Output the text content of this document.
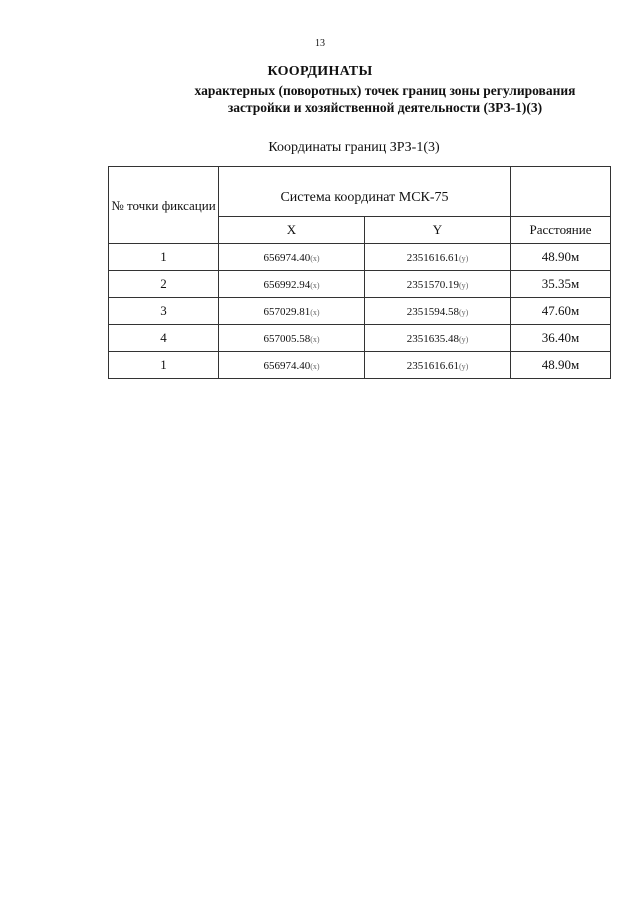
13
КООРДИНАТЫ
характерных (поворотных) точек границ зоны регулирования
застройки и хозяйственной деятельности (ЗРЗ-1)(3)
Координаты границ ЗРЗ-1(3)
№ точки фиксации	Система координат МСК-75		

	X	Y	Расстояние
1	656974.40(x)	2351616.61(y)	48.90м
2	656992.94(x)	2351570.19(y)	35.35м
3	657029.81(x)	2351594.58(y)	47.60м
4	657005.58(x)	2351635.48(y)	36.40м
1	656974.40(x)	2351616.61(y)	48.90м
